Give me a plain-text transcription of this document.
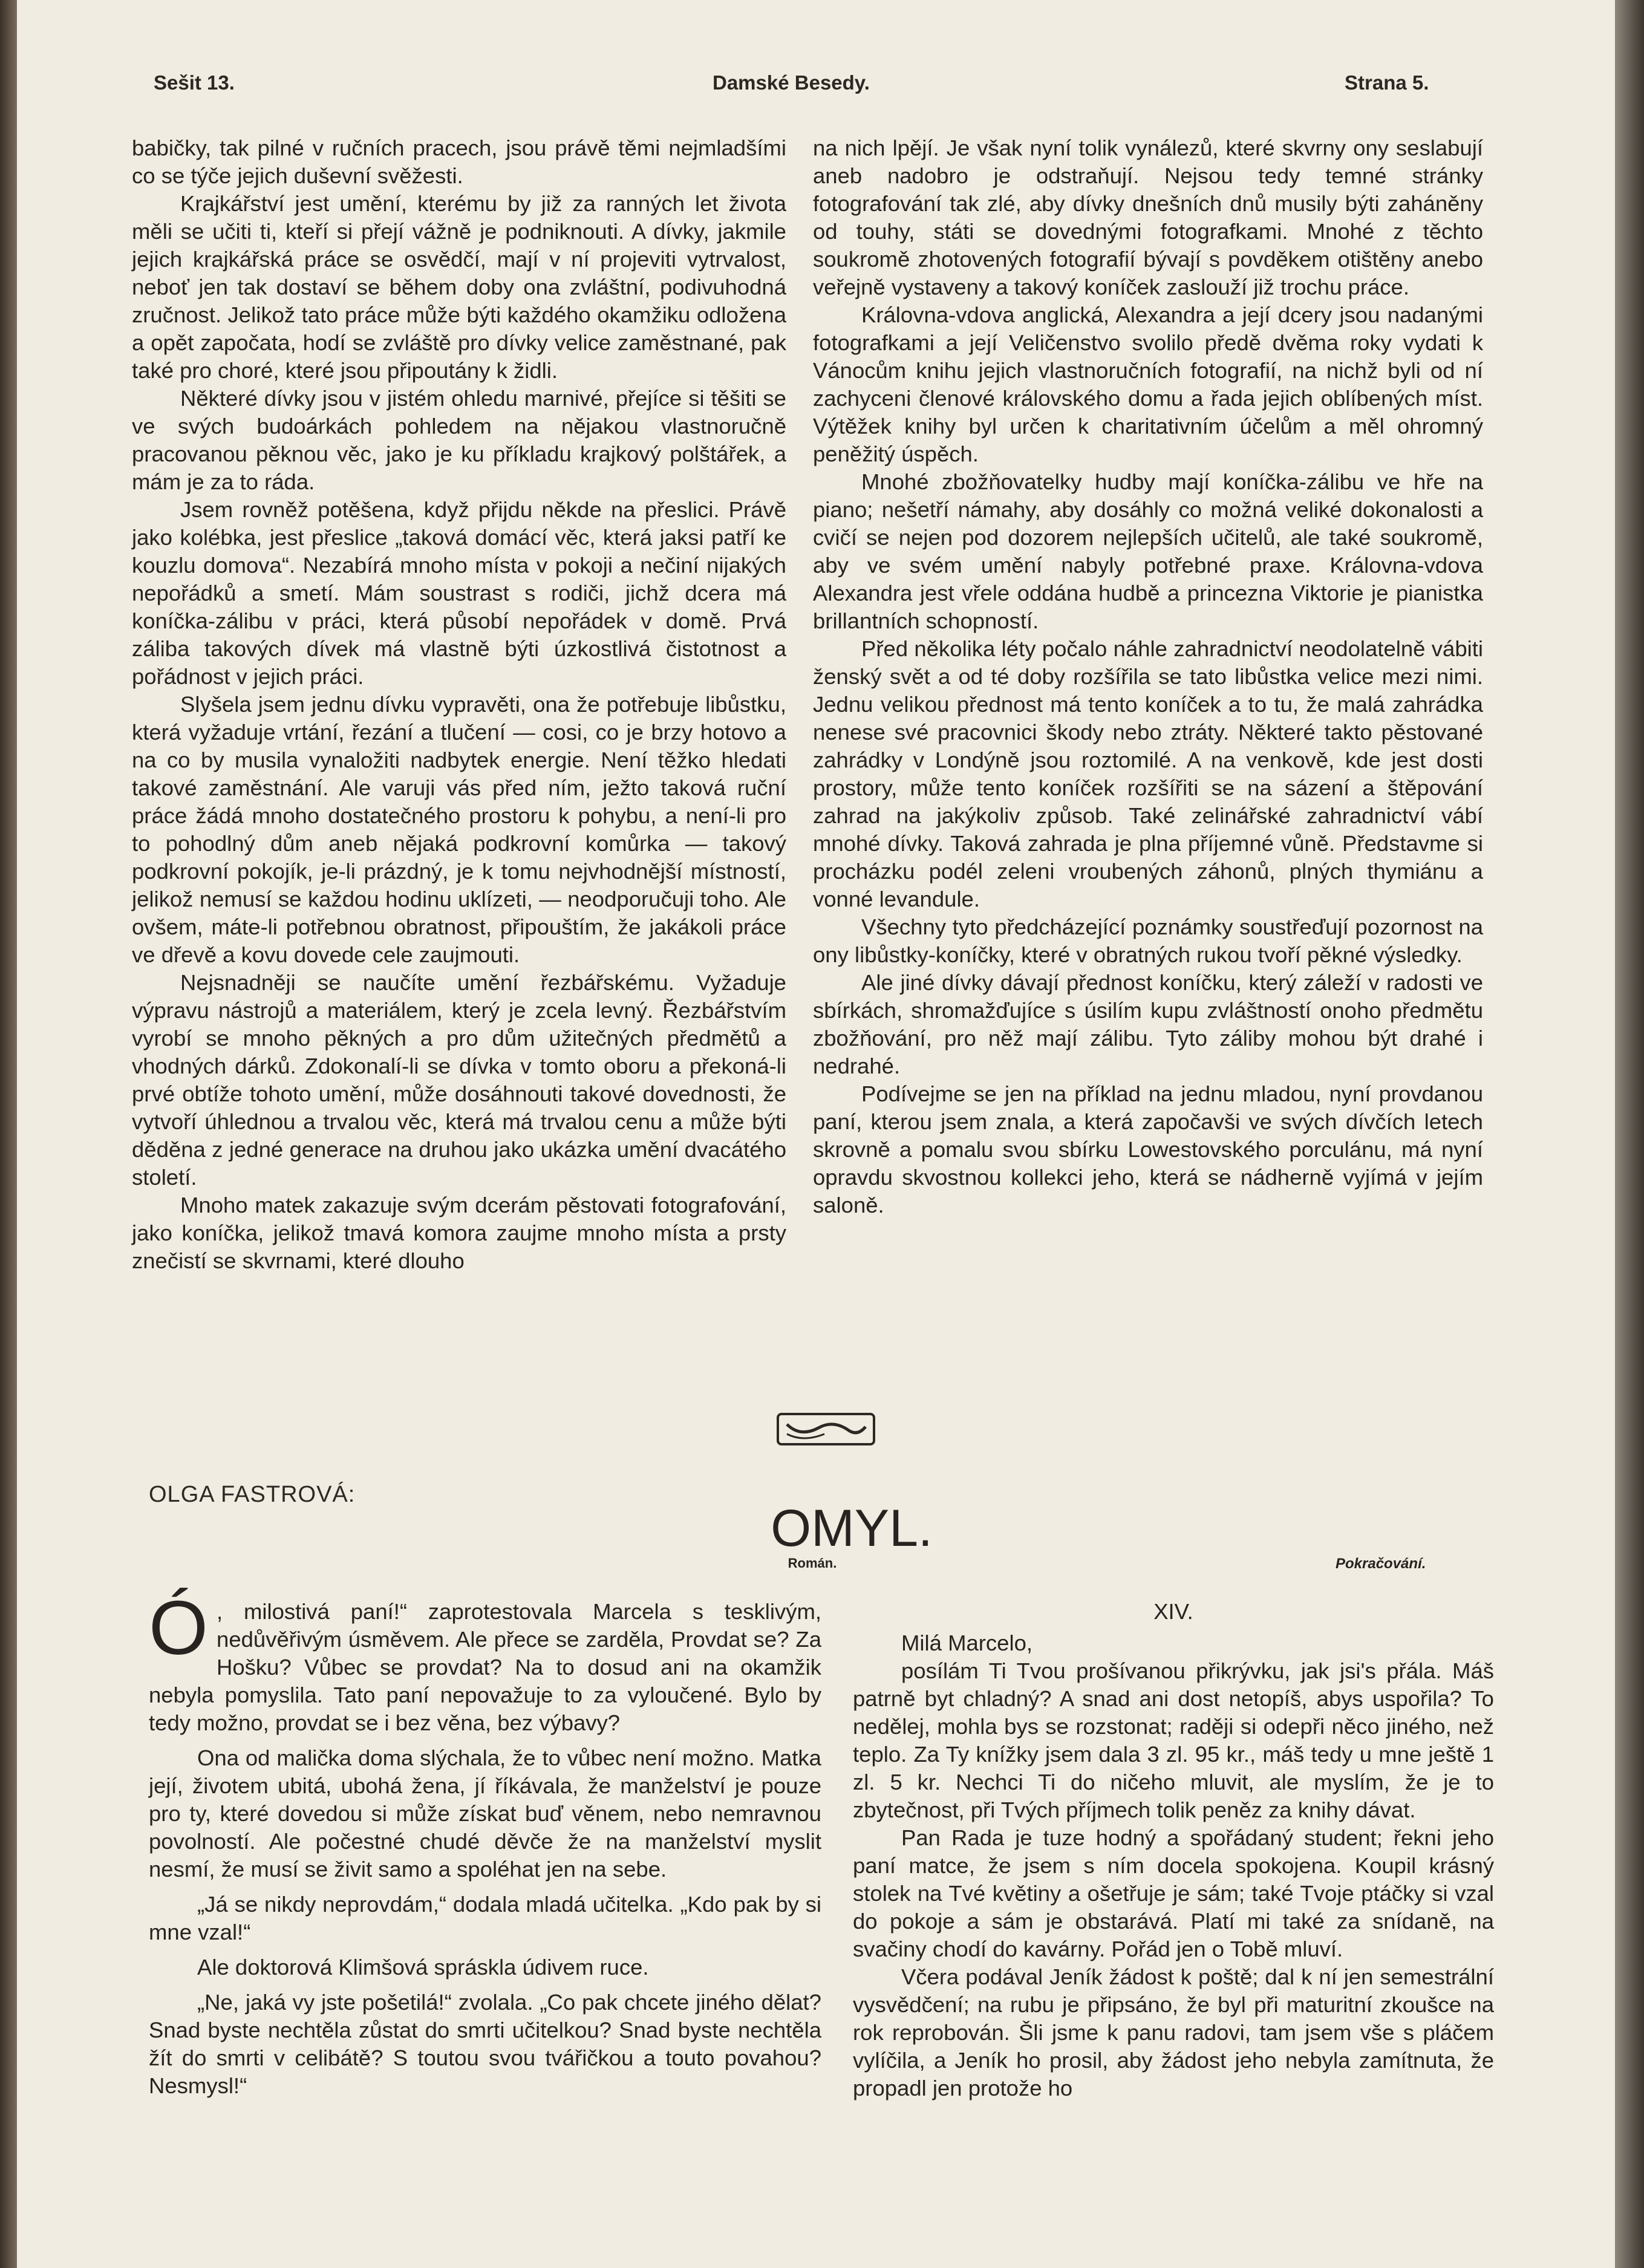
Sešit 13.	Damské Besedy.	Strana 5.

babičky, tak pilné v ručních pracech, jsou právě těmi nejmladšími co se týče jejich duševní svěžesti.

Krajkářství jest umění, kterému by již za ranných let života měli se učiti ti, kteří si přejí vážně je podniknouti. A dívky, jakmile jejich krajkářská práce se osvědčí, mají v ní projeviti vytrvalost, neboť jen tak dostaví se během doby ona zvláštní, podivuhodná zručnost. Jelikož tato práce může býti každého okamžiku odložena a opět započata, hodí se zvláště pro dívky velice zaměstnané, pak také pro choré, které jsou připoutány k židli.

Některé dívky jsou v jistém ohledu marnivé, přejíce si těšiti se ve svých budoárkách pohledem na nějakou vlastnoručně pracovanou pěknou věc, jako je ku příkladu krajkový polštářek, a mám je za to ráda.

Jsem rovněž potěšena, když přijdu někde na přeslici. Právě jako kolébka, jest přeslice „taková domácí věc, která jaksi patří ke kouzlu domova“. Nezabírá mnoho místa v pokoji a nečiní nijakých nepořádků a smetí. Mám soustrast s rodiči, jichž dcera má koníčka-zálibu v práci, která působí nepořádek v domě. Prvá záliba takových dívek má vlastně býti úzkostlivá čistotnost a pořádnost v jejich práci.

Slyšela jsem jednu dívku vypravěti, ona že potřebuje libůstku, která vyžaduje vrtání, řezání a tlučení — cosi, co je brzy hotovo a na co by musila vynaložiti nadbytek energie. Není těžko hledati takové zaměstnání. Ale varuji vás před ním, ježto taková ruční práce žádá mnoho dostatečného prostoru k pohybu, a není-li pro to pohodlný dům aneb nějaká podkrovní komůrka — takový podkrovní pokojík, je-li prázdný, je k tomu nejvhodnější místností, jelikož nemusí se každou hodinu uklízeti, — neodporučuji toho. Ale ovšem, máte-li potřebnou obratnost, připouštím, že jakákoli práce ve dřevě a kovu dovede cele zaujmouti.

Nejsnadněji se naučíte umění řezbářskému. Vyžaduje výpravu nástrojů a materiálem, který je zcela levný. Řezbářstvím vyrobí se mnoho pěkných a pro dům užitečných předmětů a vhodných dárků. Zdokonalí-li se dívka v tomto oboru a překoná-li prvé obtíže tohoto umění, může dosáhnouti takové dovednosti, že vytvoří úhlednou a trvalou věc, která má trvalou cenu a může býti děděna z jedné generace na druhou jako ukázka umění dvacátého století.

Mnoho matek zakazuje svým dcerám pěstovati fotografování, jako koníčka, jelikož tmavá komora zaujme mnoho místa a prsty znečistí se skvrnami, které dlouho

na nich lpějí. Je však nyní tolik vynálezů, které skvrny ony seslabují aneb nadobro je odstraňují. Nejsou tedy temné stránky fotografování tak zlé, aby dívky dnešních dnů musily býti zaháněny od touhy, státi se dovednými fotografkami. Mnohé z těchto soukromě zhotovených fotografií bývají s povděkem otištěny anebo veřejně vystaveny a takový koníček zaslouží již trochu práce.

Královna-vdova anglická, Alexandra a její dcery jsou nadanými fotografkami a její Veličenstvo svolilo předě dvěma roky vydati k Vánocům knihu jejich vlastnoručních fotografií, na nichž byli od ní zachyceni členové královského domu a řada jejich oblíbených míst. Výtěžek knihy byl určen k charitativním účelům a měl ohromný peněžitý úspěch.

Mnohé zbožňovatelky hudby mají koníčka-zálibu ve hře na piano; nešetří námahy, aby dosáhly co možná veliké dokonalosti a cvičí se nejen pod dozorem nejlepších učitelů, ale také soukromě, aby ve svém umění nabyly potřebné praxe. Královna-vdova Alexandra jest vřele oddána hudbě a princezna Viktorie je pianistka brillantních schopností.

Před několika léty počalo náhle zahradnictví neodolatelně vábiti ženský svět a od té doby rozšířila se tato libůstka velice mezi nimi. Jednu velikou přednost má tento koníček a to tu, že malá zahrádka nenese své pracovnici škody nebo ztráty. Některé takto pěstované zahrádky v Londýně jsou roztomilé. A na venkově, kde jest dosti prostory, může tento koníček rozšířiti se na sázení a štěpování zahrad na jakýkoliv způsob. Také zelinářské zahradnictví vábí mnohé dívky. Taková zahrada je plna příjemné vůně. Představme si procházku podél zeleni vroubených záhonů, plných thymiánu a vonné levandule.

Všechny tyto předcházející poznámky soustřeďují pozornost na ony libůstky-koníčky, které v obratných rukou tvoří pěkné výsledky.

Ale jiné dívky dávají přednost koníčku, který záleží v radosti ve sbírkách, shromažďujíce s úsilím kupu zvláštností onoho předmětu zbožňování, pro něž mají zálibu. Tyto záliby mohou být drahé i nedrahé.

Podívejme se jen na příklad na jednu mladou, nyní provdanou paní, kterou jsem znala, a která započavši ve svých dívčích letech skrovně a pomalu svou sbírku Lowestovského porculánu, má nyní opravdu skvostnou kollekci jeho, která se nádherně vyjímá v jejím saloně.

OLGA FASTROVÁ:
OMYL.
Román.	Pokračování.

Ó , milostivá paní!“ zaprotestovala Marcela s tesklivým, nedůvěřivým úsměvem. Ale přece se zarděla, Provdat se? Za Hošku? Vůbec se provdat? Na to dosud ani na okamžik nebyla pomyslila. Tato paní nepovažuje to za vyloučené. Bylo by tedy možno, provdat se i bez věna, bez výbavy?

Ona od malička doma slýchala, že to vůbec není možno. Matka její, životem ubitá, ubohá žena, jí říkávala, že manželství je pouze pro ty, které dovedou si může získat buď věnem, nebo nemravnou povolností. Ale počestné chudé děvče že na manželství myslit nesmí, že musí se živit samo a spoléhat jen na sebe.

„Já se nikdy neprovdám,“ dodala mladá učitelka. „Kdo pak by si mne vzal!“

Ale doktorová Klimšová spráskla údivem ruce.

„Ne, jaká vy jste pošetilá!“ zvolala. „Co pak chcete jiného dělat? Snad byste nechtěla zůstat do smrti učitelkou? Snad byste nechtěla žít do smrti v celibátě? S toutou svou tvářičkou a touto povahou? Nesmysl!“

XIV.

Milá Marcelo,

posílám Ti Tvou prošívanou přikrývku, jak jsi's přála. Máš patrně byt chladný? A snad ani dost netopíš, abys uspořila? To nedělej, mohla bys se rozstonat; raději si odepři něco jiného, než teplo. Za Ty knížky jsem dala 3 zl. 95 kr., máš tedy u mne ještě 1 zl. 5 kr. Nechci Ti do ničeho mluvit, ale myslím, že je to zbytečnost, při Tvých příjmech tolik peněz za knihy dávat.

Pan Rada je tuze hodný a spořádaný student; řekni jeho paní matce, že jsem s ním docela spokojena. Koupil krásný stolek na Tvé květiny a ošetřuje je sám; také Tvoje ptáčky si vzal do pokoje a sám je obstarává. Platí mi také za snídaně, na svačiny chodí do kavárny. Pořád jen o Tobě mluví.

Včera podával Jeník žádost k poště; dal k ní jen semestrální vysvědčení; na rubu je připsáno, že byl při maturitní zkoušce na rok reprobován. Šli jsme k panu radovi, tam jsem vše s pláčem vylíčila, a Jeník ho prosil, aby žádost jeho nebyla zamítnuta, že propadl jen protože ho
